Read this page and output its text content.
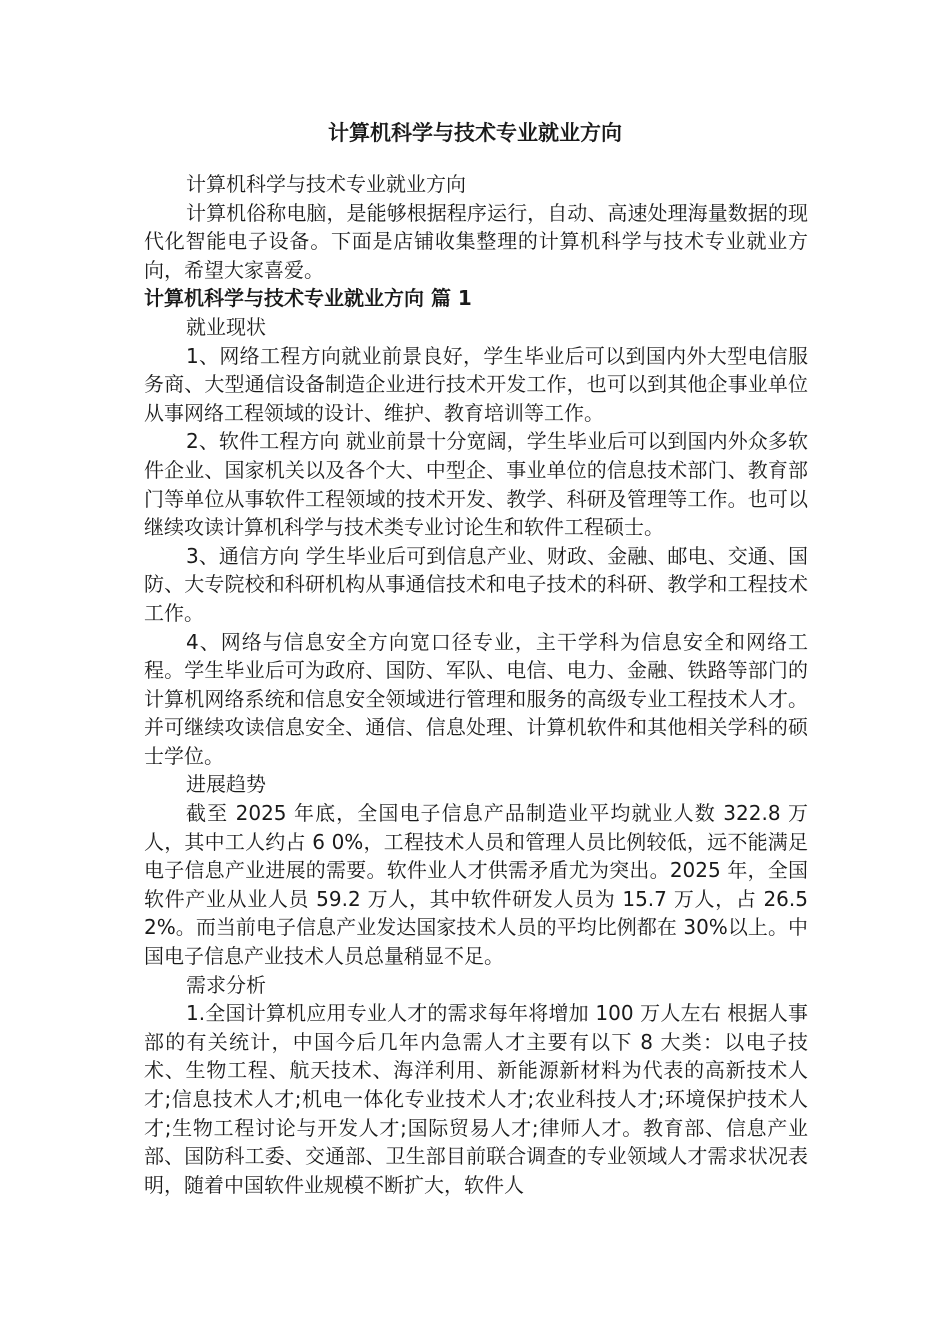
计算机科学与技术专业就业方向

计算机科学与技术专业就业方向

计算机俗称电脑，是能够根据程序运行，自动、高速处理海量数据的现代化智能电子设备。下面是店铺收集整理的计算机科学与技术专业就业方向，希望大家喜爱。

计算机科学与技术专业就业方向 篇 1

就业现状

1、网络工程方向就业前景良好，学生毕业后可以到国内外大型电信服务商、大型通信设备制造企业进行技术开发工作，也可以到其他企事业单位从事网络工程领域的设计、维护、教育培训等工作。

2、软件工程方向 就业前景十分宽阔，学生毕业后可以到国内外众多软件企业、国家机关以及各个大、中型企、事业单位的信息技术部门、教育部门等单位从事软件工程领域的技术开发、教学、科研及管理等工作。也可以继续攻读计算机科学与技术类专业讨论生和软件工程硕士。

3、通信方向 学生毕业后可到信息产业、财政、金融、邮电、交通、国防、大专院校和科研机构从事通信技术和电子技术的科研、教学和工程技术工作。

4、网络与信息安全方向宽口径专业，主干学科为信息安全和网络工程。学生毕业后可为政府、国防、军队、电信、电力、金融、铁路等部门的计算机网络系统和信息安全领域进行管理和服务的高级专业工程技术人才。并可继续攻读信息安全、通信、信息处理、计算机软件和其他相关学科的硕士学位。

进展趋势

截至 2025 年底，全国电子信息产品制造业平均就业人数 322.8 万人，其中工人约占 6 0%，工程技术人员和管理人员比例较低，远不能满足电子信息产业进展的需要。软件业人才供需矛盾尤为突出。2025 年，全国软件产业从业人员 59.2 万人，其中软件研发人员为 15.7 万人，占 26.52%。而当前电子信息产业发达国家技术人员的平均比例都在 30%以上。中国电子信息产业技术人员总量稍显不足。

需求分析

1.全国计算机应用专业人才的需求每年将增加 100 万人左右 根据人事部的有关统计，中国今后几年内急需人才主要有以下 8 大类：以电子技术、生物工程、航天技术、海洋利用、新能源新材料为代表的高新技术人才;信息技术人才;机电一体化专业技术人才;农业科技人才;环境保护技术人才;生物工程讨论与开发人才;国际贸易人才;律师人才。教育部、信息产业部、国防科工委、交通部、卫生部目前联合调查的专业领域人才需求状况表明，随着中国软件业规模不断扩大，软件人
